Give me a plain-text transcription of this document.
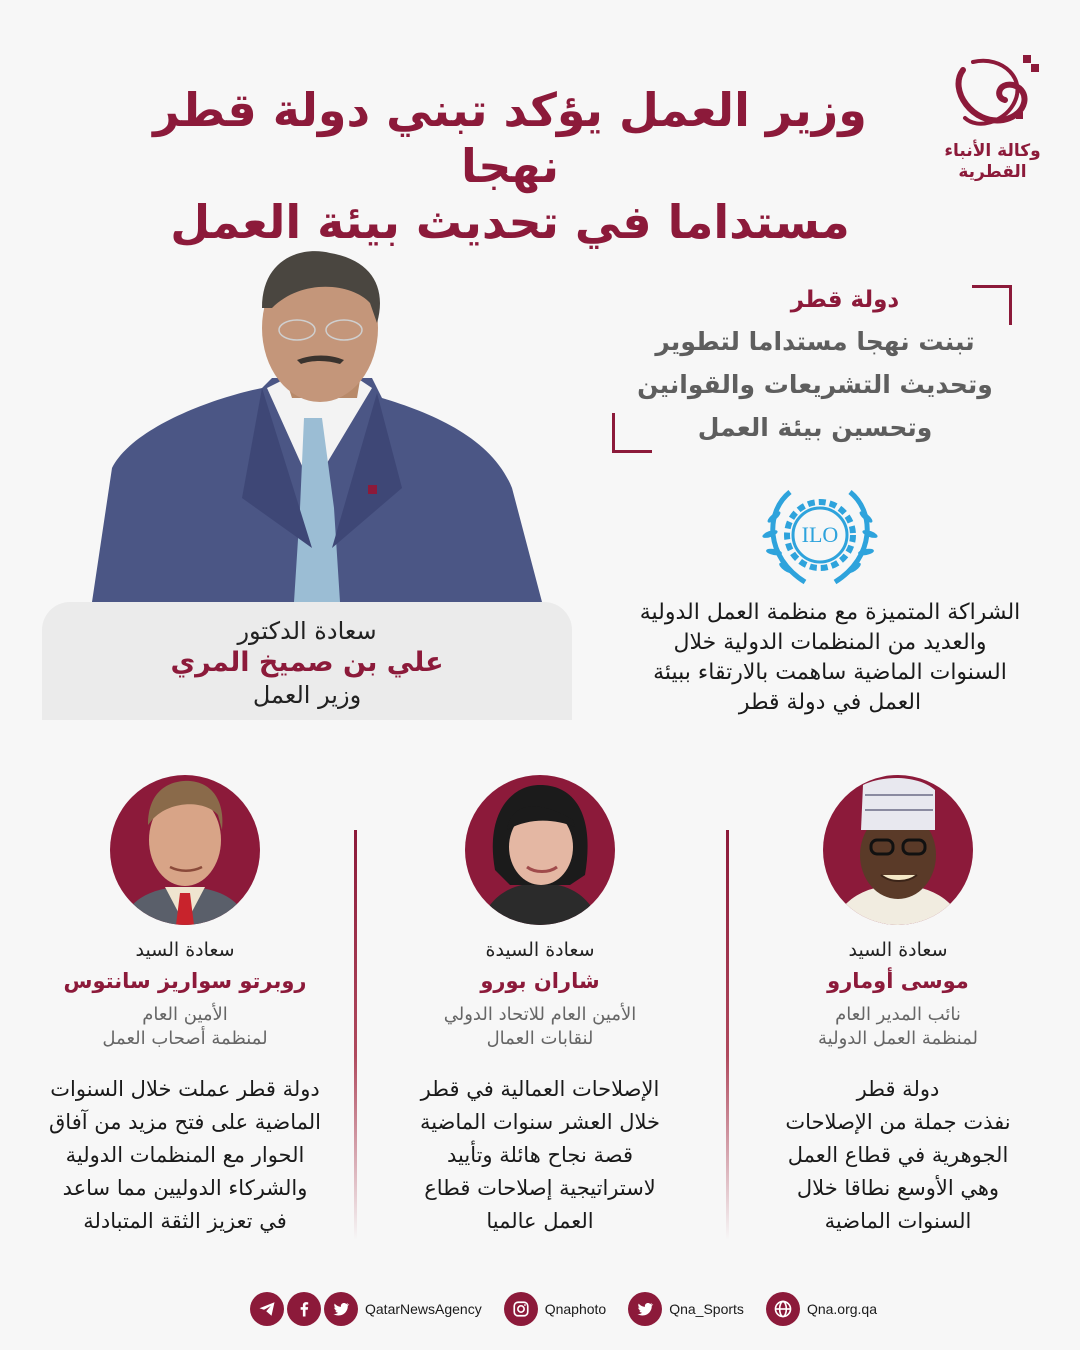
وكالة الأنباء
القطرية
وزير العمل يؤكد تبني دولة قطر نهجا
مستداما في تحديث بيئة العمل
سعادة الدكتور
علي بن صميخ المري
وزير العمل
دولة قطر
تبنت نهجا مستداما لتطوير
وتحديث التشريعات والقوانين
وتحسين بيئة العمل
ILO
الشراكة المتميزة مع منظمة العمل الدولية
والعديد من المنظمات الدولية خلال
السنوات الماضية ساهمت بالارتقاء ببيئة
العمل في دولة قطر
سعادة السيد
موسى أومارو
نائب المدير العام
لمنظمة العمل الدولية
دولة قطر
نفذت جملة من الإصلاحات
الجوهرية في قطاع العمل
وهي الأوسع نطاقا خلال
السنوات الماضية
سعادة السيدة
شاران بورو
الأمين العام للاتحاد الدولي
لنقابات العمال
الإصلاحات العمالية في قطر
خلال العشر سنوات الماضية
قصة نجاح هائلة وتأييد
لاستراتيجية إصلاحات قطاع
العمل عالميا
سعادة السيد
روبرتو سواريز سانتوس
الأمين العام
لمنظمة أصحاب العمل
دولة قطر عملت خلال السنوات
الماضية على فتح مزيد من آفاق
الحوار مع المنظمات الدولية
والشركاء الدوليين مما ساعد
في تعزيز الثقة المتبادلة
QatarNewsAgency	Qnaphoto	Qna_Sports	Qna.org.qa
